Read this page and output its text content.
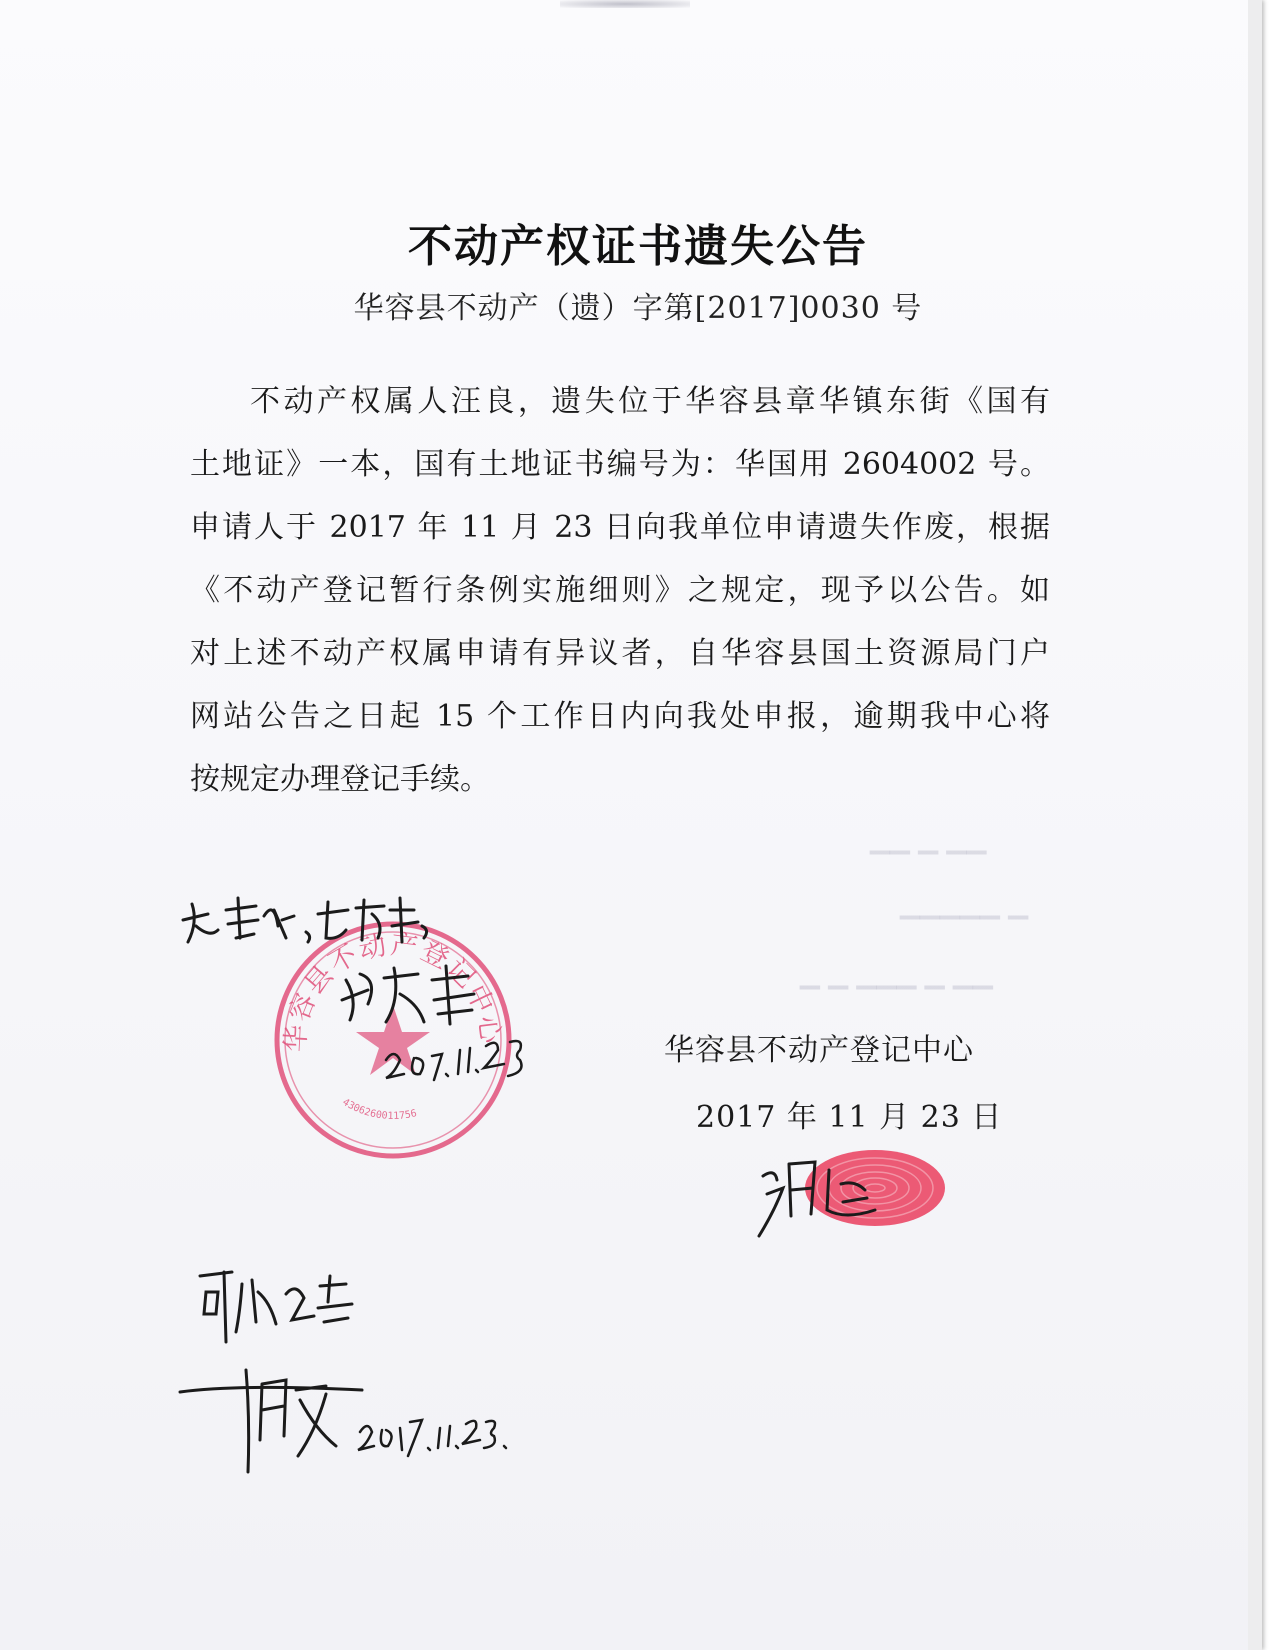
不动产权证书遗失公告
华容县不动产（遗）字第[2017]0030 号
不动产权属人汪良，遗失位于华容县章华镇东街《国有
土地证》一本，国有土地证书编号为：华国用 2604002 号。
申请人于 2017 年 11 月 23 日向我单位申请遗失作废，根据
《不动产登记暂行条例实施细则》之规定，现予以公告。如
对上述不动产权属申请有异议者，自华容县国土资源局门户
网站公告之日起 15 个工作日内向我处申报，逾期我中心将
按规定办理登记手续。
▁▁ ▁ ▁▁
▁▁▁▁▁ ▁
▁ ▁ ▁▁▁ ▁ ▁▁
华容县不动产登记中心
4306260011756
华容县不动产登记中心
2017 年 11 月 23 日
